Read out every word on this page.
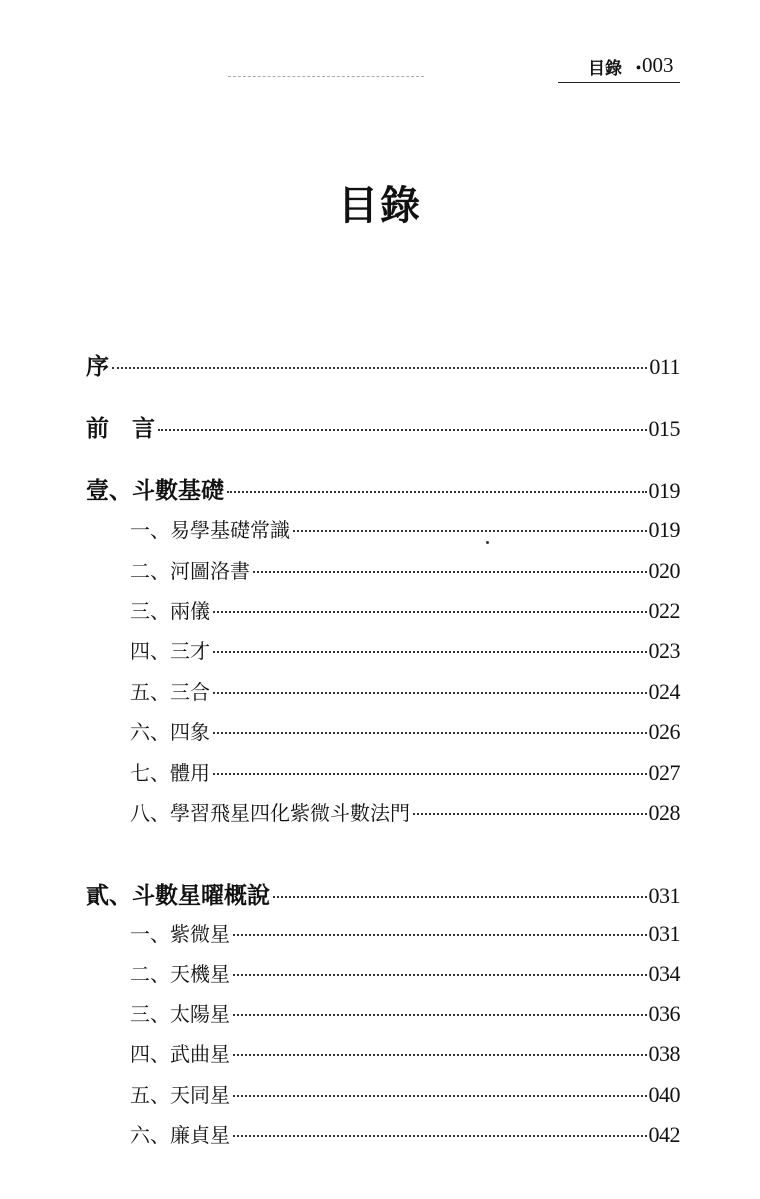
目錄 ・
003
目錄
序	011
前　言	015
壹、斗數基礎	019
一、易學基礎常識	019
二、河圖洛書	020
三、兩儀	022
四、三才	023
五、三合	024
六、四象	026
七、體用	027
八、學習飛星四化紫微斗數法門	028
貳、斗數星曜概說	031
一、紫微星	031
二、天機星	034
三、太陽星	036
四、武曲星	038
五、天同星	040
六、廉貞星	042
